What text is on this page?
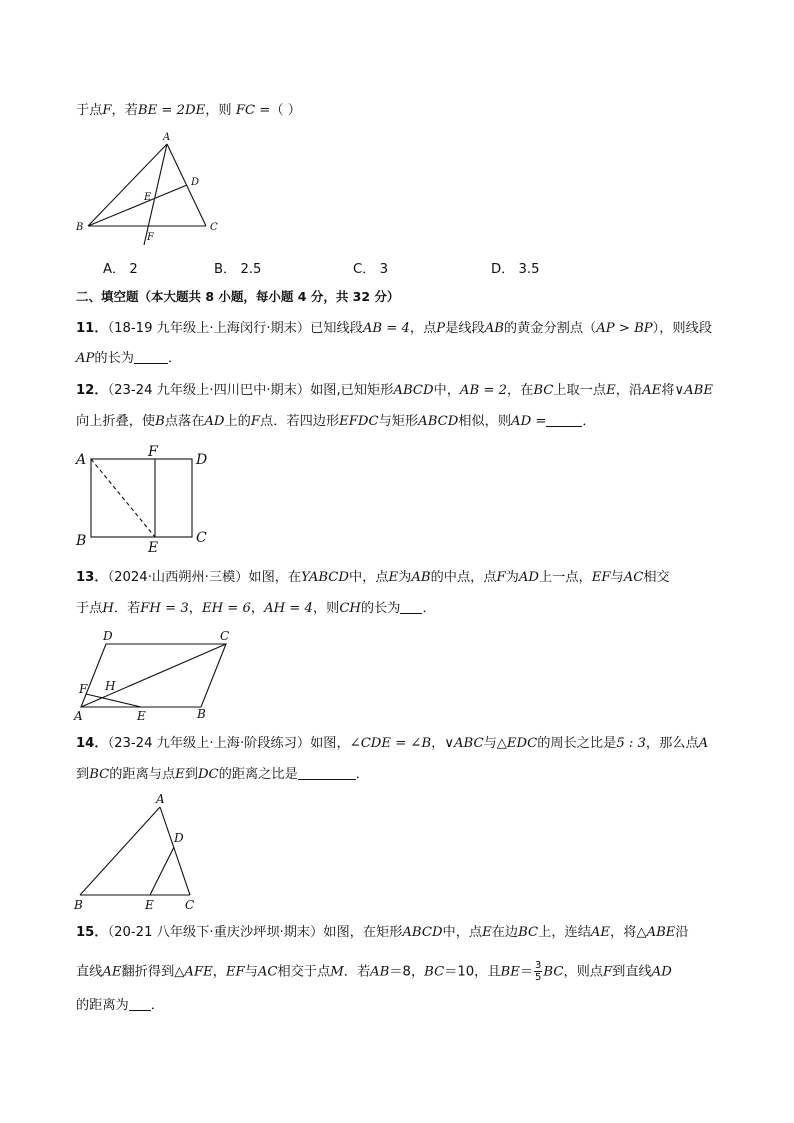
于点F，若BE = 2DE，则 FC =（ ）
A
B	C
D
E
F
A． 2	B． 2.5	C． 3	D． 3.5
二、填空题（本大题共 8 小题，每小题 4 分，共 32 分）
11．（18-19 九年级上·上海闵行·期末）已知线段AB = 4，点P是线段AB的黄金分割点（AP > BP），则线段
AP的长为	．
12．（23-24 九年级上·四川巴中·期末）如图,已知矩形ABCD中，AB = 2，在BC上取一点E，沿AE将∨ABE
向上折叠，使B点落在AD上的F点．若四边形EFDC与矩形ABCD相似，则AD =	．
A
B	C
D
E
F
13．（2024·山西朔州·三模）如图，在YABCD中，点E为AB的中点，点F为AD上一点，EF与AC相交
于点H．若FH = 3，EH = 6，AH = 4，则CH的长为 ．
A	B
C
D
E
F H
14．（23-24 九年级上·上海·阶段练习）如图，∠CDE = ∠B，∨ABC与△EDC的周长之比是5 : 3，那么点A
到BC的距离与点E到DC的距离之比是	．
A
B	C
D
E
15．（20-21 八年级下·重庆沙坪坝·期末）如图，在矩形ABCD中，点E在边BC上，连结AE，将△ABE沿
直线AE翻折得到△AFE，EF与AC相交于点M．若AB＝8，BC＝10，且$BE= \frac{3}{5}$ BC，则点F到直线AD
的距离为 ．
